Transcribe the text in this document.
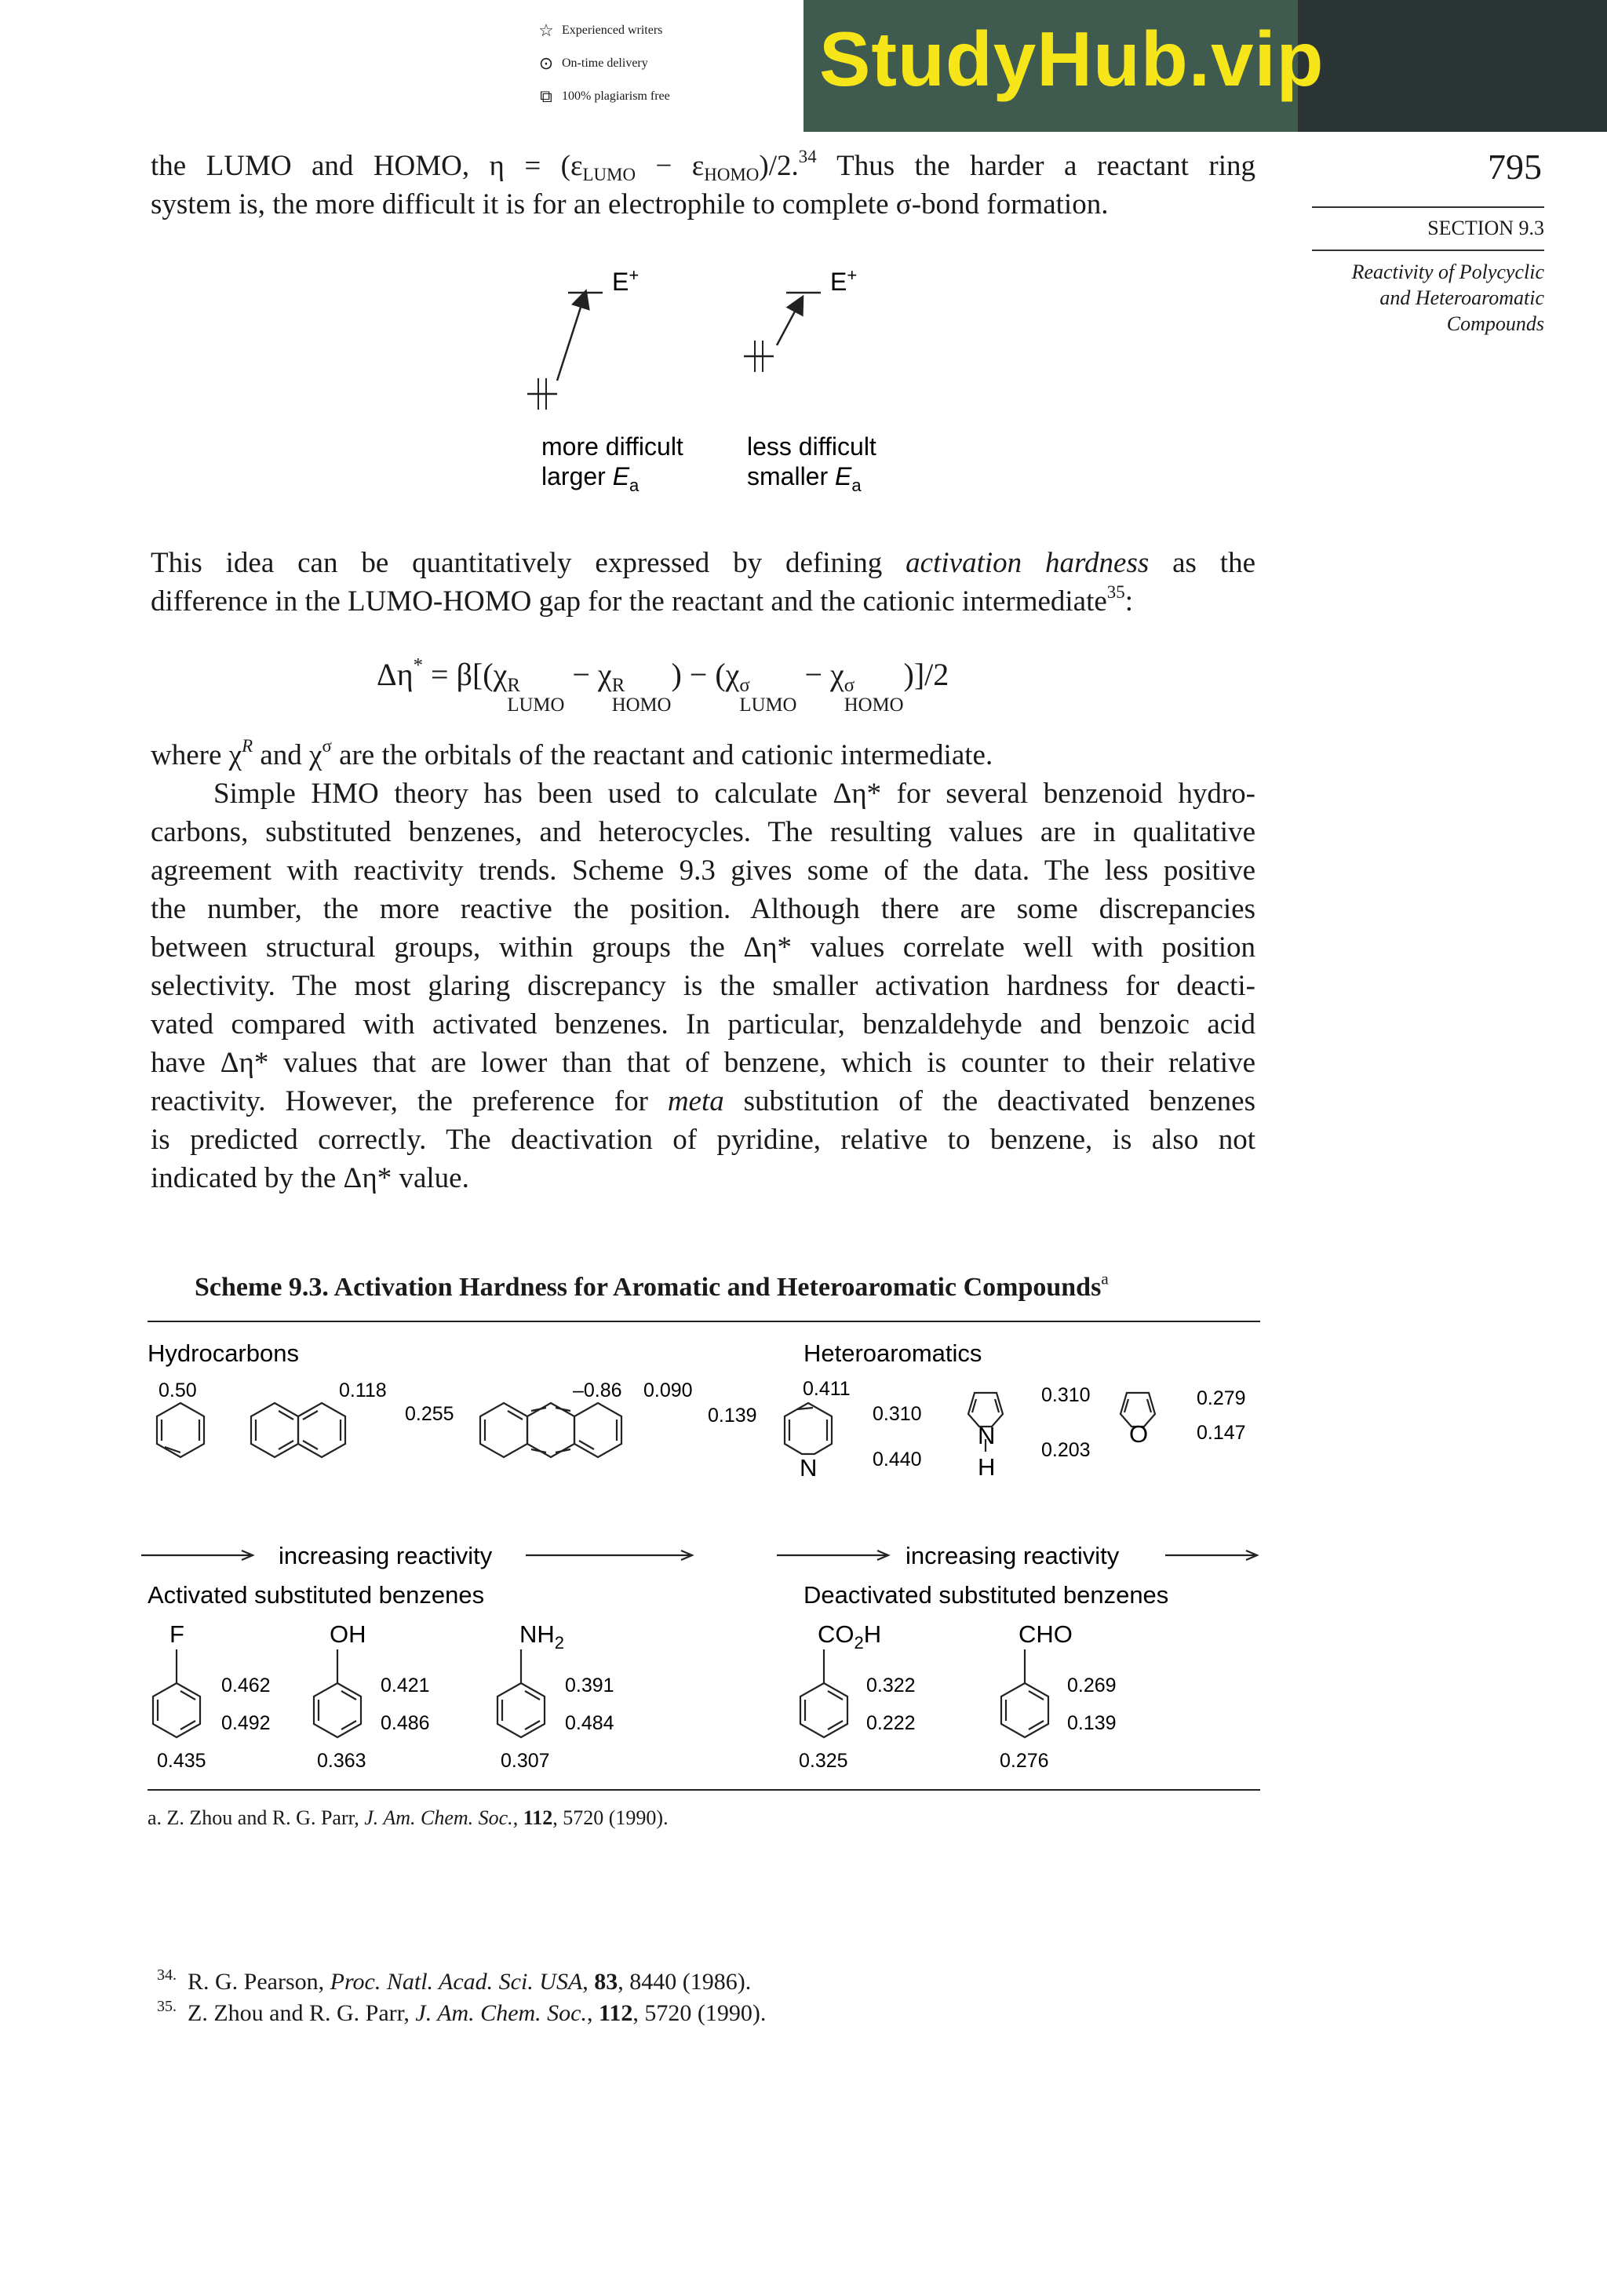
StudyHub.vip
☆ Experienced writers
⊙ On-time delivery
⧉ 100% plagiarism free
795
SECTION 9.3
Reactivity of Polycyclic
and Heteroaromatic
Compounds
the LUMO and HOMO, $\eta = (\varepsilon_{LUMO} - \varepsilon_{HOMO})/2.34$ Thus the harder a reactant ring
system is, the more difficult it is for an electrophile to complete σ-bond formation.
E+	E+
more difficult
larger $E_a$
less difficult
smaller $E_a$
This idea can be quantitatively expressed by defining activation hardness as the
difference in the LUMO-HOMO gap for the reactant and the cationic intermediate$^{35}$:
Δη* = β[(χ R
LUMO
− χ R
HOMO
) − (χ σ
LUMO
− χ σ
HOMO
)]/2
where $\chi^R$ and $\chi^\sigma$ are the orbitals of the reactant and cationic intermediate.
Simple HMO theory has been used to calculate Δη* for several benzenoid hydro-
carbons, substituted benzenes, and heterocycles. The resulting values are in qualitative
agreement with reactivity trends. Scheme 9.3 gives some of the data. The less positive
the number, the more reactive the position. Although there are some discrepancies
between structural groups, within groups the Δη* values correlate well with position
selectivity. The most glaring discrepancy is the smaller activation hardness for deacti-
vated compared with activated benzenes. In particular, benzaldehyde and benzoic acid
have Δη* values that are lower than that of benzene, which is counter to their relative
reactivity. However, the preference for meta substitution of the deactivated benzenes
is predicted correctly. The deactivation of pyridine, relative to benzene, is also not
indicated by the Δη* value.
Scheme 9.3. Activation Hardness for Aromatic and Heteroaromatic Compounds$^a$
Hydrocarbons	Heteroaromatics
0.50	0.118
0.255
–0.86 0.090
0.139
0.411
0.310
0.440
0.310
0.203
0.279
0.147
N
N
H
O
increasing reactivity	increasing reactivity
Activated substituted benzenes	Deactivated substituted benzenes
F
0.462
0.492
0.435
OH
0.421
0.486
0.363
$NH_2$
0.391
0.484
0.307
$CO_2H$
0.322
0.222
0.325
CHO
0.269
0.139
0.276
a. Z. Zhou and R. G. Parr, J. Am. Chem. Soc., 112, 5720 (1990).
$^{34.}$ R. G. Pearson, Proc. Natl. Acad. Sci. USA, 83, 8440 (1986).
$^{35.}$ Z. Zhou and R. G. Parr, J. Am. Chem. Soc., 112, 5720 (1990).
